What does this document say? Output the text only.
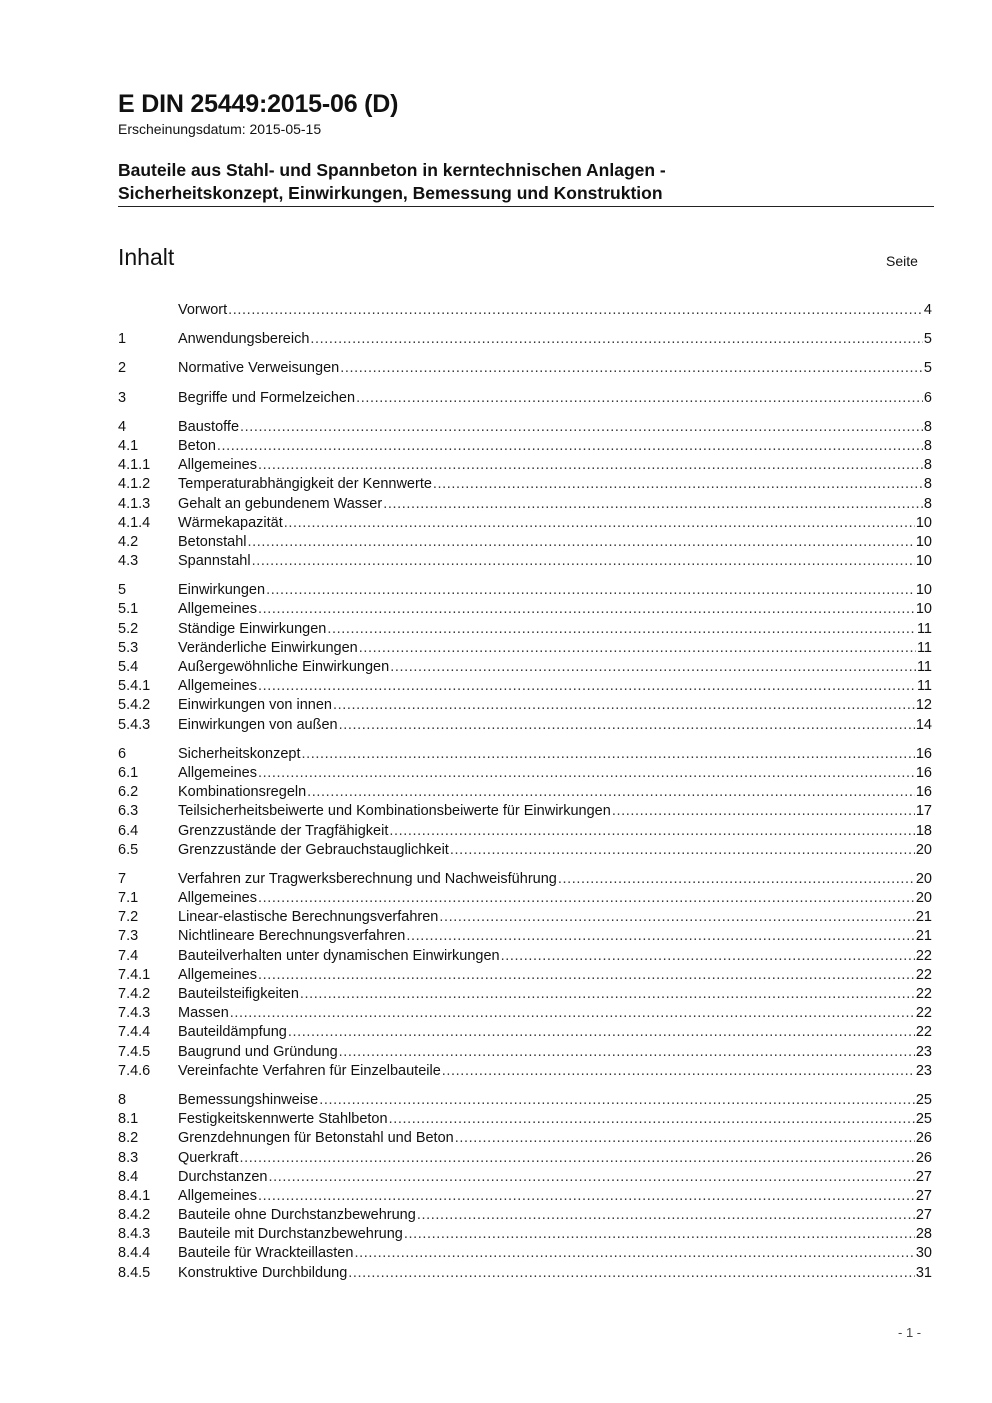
E DIN 25449:2015-06 (D)
Erscheinungsdatum: 2015-05-15
Bauteile aus Stahl- und Spannbeton in kerntechnischen Anlagen -
Sicherheitskonzept, Einwirkungen, Bemessung und Konstruktion
Inhalt	Seite
Vorwort .....	4
1	Anwendungsbereich .....	5
2	Normative Verweisungen .....	5
3	Begriffe und Formelzeichen .....	6
4	Baustoffe .....	8
4.1	Beton .....	8
4.1.1	Allgemeines .....	8
4.1.2	Temperaturabhängigkeit der Kennwerte .....	8
4.1.3	Gehalt an gebundenem Wasser .....	8
4.1.4	Wärmekapazität .....	10
4.2	Betonstahl .....	10
4.3	Spannstahl .....	10
5	Einwirkungen .....	10
5.1	Allgemeines .....	10
5.2	Ständige Einwirkungen .....	11
5.3	Veränderliche Einwirkungen .....	11
5.4	Außergewöhnliche Einwirkungen .....	11
5.4.1	Allgemeines .....	11
5.4.2	Einwirkungen von innen .....	12
5.4.3	Einwirkungen von außen .....	14
6	Sicherheitskonzept .....	16
6.1	Allgemeines .....	16
6.2	Kombinationsregeln .....	16
6.3	Teilsicherheitsbeiwerte und Kombinationsbeiwerte für Einwirkungen .....	17
6.4	Grenzzustände der Tragfähigkeit .....	18
6.5	Grenzzustände der Gebrauchstauglichkeit .....	20
7	Verfahren zur Tragwerksberechnung und Nachweisführung .....	20
7.1	Allgemeines .....	20
7.2	Linear-elastische Berechnungsverfahren .....	21
7.3	Nichtlineare Berechnungsverfahren .....	21
7.4	Bauteilverhalten unter dynamischen Einwirkungen .....	22
7.4.1	Allgemeines .....	22
7.4.2	Bauteilsteifigkeiten .....	22
7.4.3	Massen .....	22
7.4.4	Bauteildämpfung .....	22
7.4.5	Baugrund und Gründung .....	23
7.4.6	Vereinfachte Verfahren für Einzelbauteile .....	23
8	Bemessungshinweise .....	25
8.1	Festigkeitskennwerte Stahlbeton .....	25
8.2	Grenzdehnungen für Betonstahl und Beton .....	26
8.3	Querkraft .....	26
8.4	Durchstanzen .....	27
8.4.1	Allgemeines .....	27
8.4.2	Bauteile ohne Durchstanzbewehrung .....	27
8.4.3	Bauteile mit Durchstanzbewehrung .....	28
8.4.4	Bauteile für Wrackteillasten .....	30
8.4.5	Konstruktive Durchbildung .....	31
- 1 -
